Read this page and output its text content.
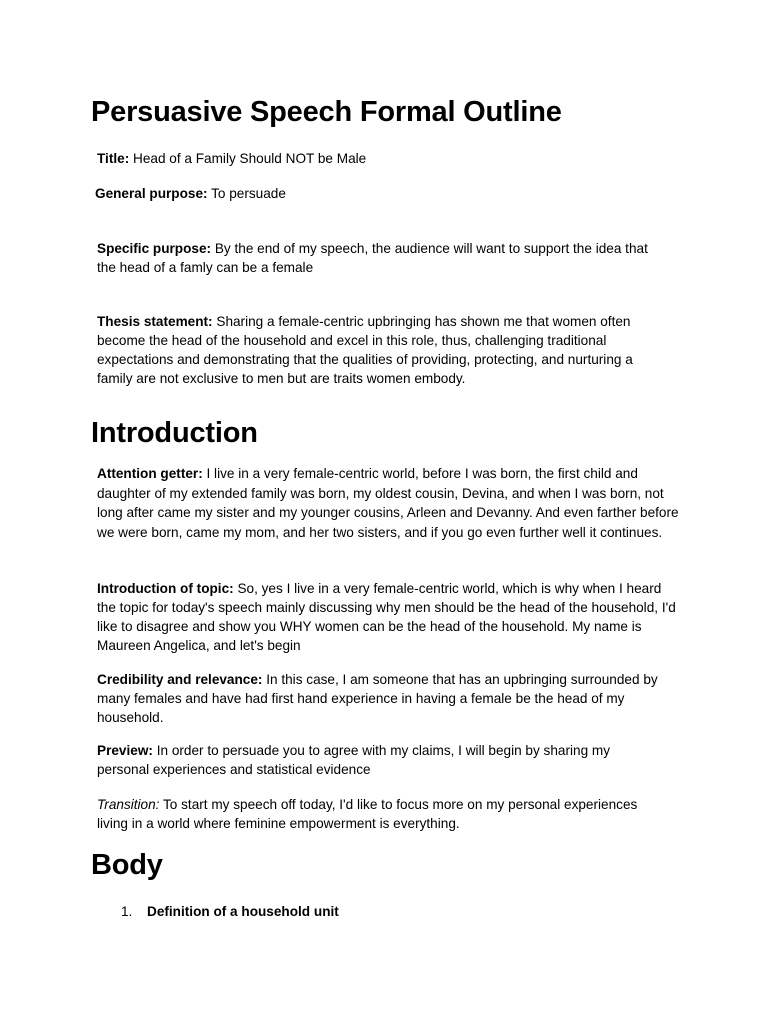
Persuasive Speech Formal Outline

Title: Head of a Family Should NOT be Male

General purpose: To persuade

Specific purpose: By the end of my speech, the audience will want to support the idea that the head of a famly can be a female

Thesis statement: Sharing a female-centric upbringing has shown me that women often become the head of the household and excel in this role, thus, challenging traditional expectations and demonstrating that the qualities of providing, protecting, and nurturing a family are not exclusive to men but are traits women embody.

Introduction

Attention getter: I live in a very female-centric world, before I was born, the first child and daughter of my extended family was born, my oldest cousin, Devina, and when I was born, not long after came my sister and my younger cousins, Arleen and Devanny. And even farther before we were born, came my mom, and her two sisters, and if you go even further well it continues.

Introduction of topic: So, yes I live in a very female-centric world, which is why when I heard the topic for today's speech mainly discussing why men should be the head of the household, I'd like to disagree and show you WHY women can be the head of the household. My name is Maureen Angelica, and let's begin

Credibility and relevance: In this case, I am someone that has an upbringing surrounded by many females and have had first hand experience in having a female be the head of my household.

Preview: In order to persuade you to agree with my claims, I will begin by sharing my personal experiences and statistical evidence

Transition: To start my speech off today, I'd like to focus more on my personal experiences living in a world where feminine empowerment is everything.

Body
1. Definition of a household unit
